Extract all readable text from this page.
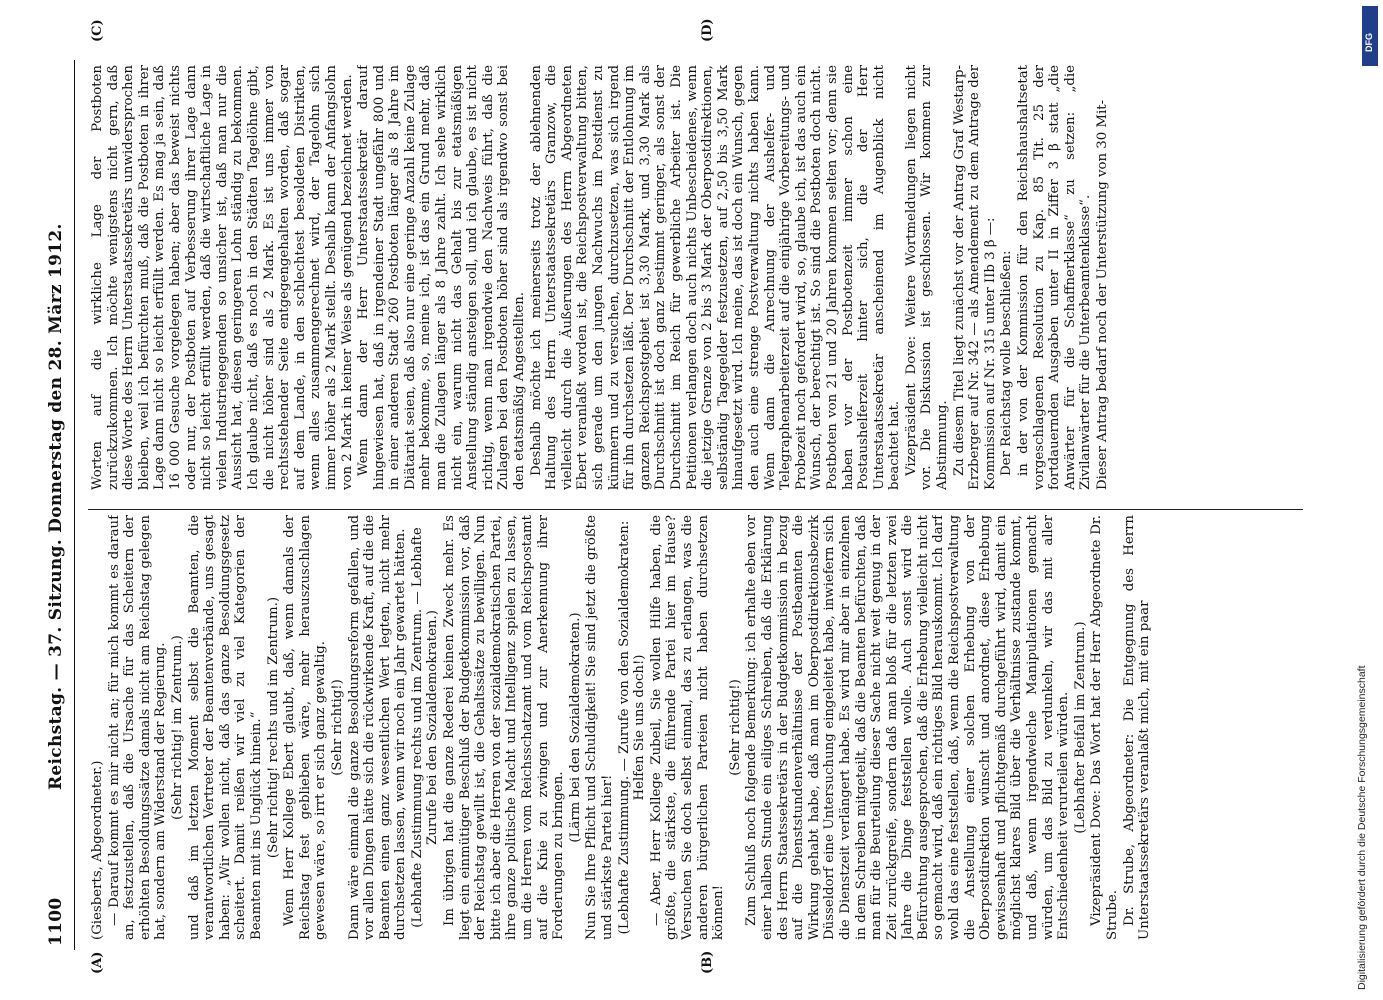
1100
Reichstag. — 37. Sitzung. Donnerstag den 28. März 1912.
(A)	(B)
(C)	(D)

(Giesberts, Abgeordneter.) — Darauf kommt es mir nicht an; für mich kommt es darauf an, festzustellen, daß die Ursache für das Scheitern der erhöhten Besoldungssätze damals nicht am Reichstag gelegen hat, sondern am Widerstand der Regierung. (Sehr richtig! im Zentrum.) und daß im letzten Moment selbst die Beamten, die verantwortlichen Vertreter der Beamtenverbände, uns gesagt haben: „Wir wollen nicht, daß das ganze Besoldungsgesetz scheitert. Damit reißen wir viel zu viel Kategorien der Beamten mit ins Unglück hinein.“ (Sehr richtig! rechts und im Zentrum.) Wenn Herr Kollege Ebert glaubt, daß, wenn damals der Reichstag fest geblieben wäre, mehr herauszuschlagen gewesen wäre, so irrt er sich ganz gewaltig. (Sehr richtig!) Dann wäre einmal die ganze Besoldungsreform gefallen, und vor allen Dingen hätte sich die rückwirkende Kraft, auf die die Beamten einen ganz wesentlichen Wert legten, nicht mehr durchsetzen lassen, wenn wir noch ein Jahr gewartet hätten. (Lebhafte Zustimmung rechts und im Zentrum. — Lebhafte Zurufe bei den Sozialdemokraten.) Im übrigen hat die ganze Rederei keinen Zweck mehr. Es liegt ein einmütiger Beschluß der Budgetkommission vor, daß der Reichstag gewillt ist, die Gehaltssätze zu bewilligen. Nun bitte ich aber die Herren von der sozialdemokratischen Partei, ihre ganze politische Macht und Intelligenz spielen zu lassen, um die Herren vom Reichsschatzamt und vom Reichspostamt auf die Knie zu zwingen und zur Anerkennung ihrer Forderungen zu bringen.

(Lärm bei den Sozialdemokraten.) Nun Sie Ihre Pflicht und Schuldigkeit! Sie sind jetzt die größte und stärkste Partei hier! (Lebhafte Zustimmung. — Zurufe von den Sozialdemokraten: Helfen Sie uns doch!) — Aber, Herr Kollege Zubeil, Sie wollen Hilfe haben, die größte, die stärkste, die führende Partei hier im Hause? Versuchen Sie doch selbst einmal, das zu erlangen, was die anderen bürgerlichen Parteien nicht haben durchsetzen können!

(Sehr richtig!) Zum Schluß noch folgende Bemerkung: ich erhalte eben vor einer halben Stunde ein eiliges Schreiben, daß die Erklärung des Herrn Staatssekretärs in der Budgetkommission in bezug auf die Dienststundenverhältnisse der Postbeamten die Wirkung gehabt habe, daß man im Oberpostdirektionsbezirk Düsseldorf eine Untersuchung eingeleitet habe, inwiefern sich die Dienstzeit verlängert habe. Es wird mir aber in einzelnen in dem Schreiben mitgeteilt, daß die Beamten befürchten, daß man für die Beurteilung dieser Sache nicht weit genug in der Zeit zurückgreife, sondern daß man bloß für die letzten zwei Jahre die Dinge feststellen wolle. Auch sonst wird die Befürchtung ausgesprochen, daß die Erhebung vielleicht nicht so gemacht wird, daß ein richtiges Bild herauskommt. Ich darf wohl das eine feststellen, daß, wenn die Reichspostverwaltung die Anstellung einer solchen Erhebung von der Oberpostdirektion wünscht und anordnet, diese Erhebung gewissenhaft und pflichtgemäß durchgeführt wird, damit ein möglichst klares Bild über die Verhältnisse zustande kommt, und daß, wenn irgendwelche Manipulationen gemacht würden, um das Bild zu verdunkeln, wir das mit aller Entschiedenheit verurteilen würden. (Lebhafter Beifall im Zentrum.) Vizepräsident Dove: Das Wort hat der Herr Abgeordnete Dr. Strube. Dr. Strube, Abgeordneter: Die Entgegnung des Herrn Unterstaatssekretärs veranlaßt mich, mit ein paar

Worten auf die wirkliche Lage der Postboten zurückzukommen. Ich möchte wenigstens nicht gern, daß diese Worte des Herrn Unterstaatssekretärs unwidersprochen bleiben, weil ich befürchten muß, daß die Postboten in ihrer Lage dann nicht so leicht erfüllt werden. Es mag ja sein, daß 16 000 Gesuche vorgelegen haben; aber das beweist nichts oder nur, der Postboten auf Verbesserung ihrer Lage dann nicht so leicht erfüllt werden, daß die wirtschaftliche Lage in vielen Industriegegenden so unsicher ist, daß man nur die Aussicht hat, diesen geringeren Lohn ständig zu bekommen. Ich glaube nicht, daß es noch in den Städten Tagelöhne gibt, die nicht höher sind als 2 Mark. Es ist uns immer von rechtsstehender Seite entgegengehalten worden, daß sogar auf dem Lande, in den schlechtest besoldeten Distrikten, wenn alles zusammengerechnet wird, der Tagelohn sich immer höher als 2 Mark stellt. Deshalb kann der Anfangslohn von 2 Mark in keiner Weise als genügend bezeichnet werden. Wenn dann der Herr Unterstaatssekretär darauf hingewiesen hat, daß in irgendeiner Stadt ungefähr 800 und in einer anderen Stadt 260 Postboten länger als 8 Jahre im Diätariat seien, daß also nur eine geringe Anzahl keine Zulage mehr bekomme, so, meine ich, ist das ein Grund mehr, daß man die Zulagen länger als 8 Jahre zahlt. Ich sehe wirklich nicht ein, warum nicht das Gehalt bis zur etatsmäßigen Anstellung ständig ansteigen soll, und ich glaube, es ist nicht richtig, wenn man irgendwie den Nachweis führt, daß die Zulagen bei den Postboten höher sind als irgendwo sonst bei den etatsmäßig Angestellten. Deshalb möchte ich meinerseits trotz der ablehnenden Haltung des Herrn Unterstaatssekretärs Granzow, die vielleicht durch die Äußerungen des Herrn Abgeordneten Ebert veranlaßt worden ist, die Reichspostverwaltung bitten, sich gerade um den jungen Nachwuchs im Postdienst zu kümmern und zu versuchen, durchzusetzen, was sich irgend für ihn durchsetzen läßt. Der Durchschnitt der Entlohnung im ganzen Reichspostgebiet ist 3,30 Mark, und 3,30 Mark als Durchschnitt ist doch ganz bestimmt geringer, als sonst der Durchschnitt im Reich für gewerbliche Arbeiter ist. Die Petitionen verlangen doch auch nichts Unbescheidenes, wenn die jetzige Grenze von 2 bis 3 Mark der Oberpostdirektionen, selbständig Tagegelder festzusetzen, auf 2,50 bis 3,50 Mark hinaufgesetzt wird. Ich meine, das ist doch ein Wunsch, gegen den auch eine strenge Postverwaltung nichts haben kann. Wenn dann die Anrechnung der Aushelfer- und Telegraphenarbeiterzeit auf die einjährige Vorbereitungs- und Probezeit noch gefordert wird, so, glaube ich, ist das auch ein Wunsch, der berechtigt ist. So sind die Postboten doch nicht. Postboten von 21 und 20 Jahren kommen selten vor; denn sie haben vor der Postbotenzeit immer schon eine Postaushelferzeit hinter sich, die der Herr Unterstaatssekretär anscheinend im Augenblick nicht beachtet hat. Vizepräsident Dove: Weitere Wortmeldungen liegen nicht vor. Die Diskussion ist geschlossen. Wir kommen zur Abstimmung. Zu diesem Titel liegt zunächst vor der Antrag Graf Westarp-Erzberger auf Nr. 342 — als Amendement zu dem Antrage der Kommission auf Nr. 315 unter IIb 3 β —: Der Reichstag wolle beschließen: in der von der Kommission für den Reichshaushaltsetat vorgeschlagenen Resolution zu Kap. 85 Tit. 25 der fortdauernden Ausgaben unter II in Ziffer 3 β statt „die Anwärter für die Schaffnerklasse“ zu setzen: „die Zivilanwärter für die Unterbeamtenklasse“. Dieser Antrag bedarf noch der Unterstützung von 30 Mit-

DFG
Digitalisierung gefördert durch die Deutsche Forschungsgemeinschaft
